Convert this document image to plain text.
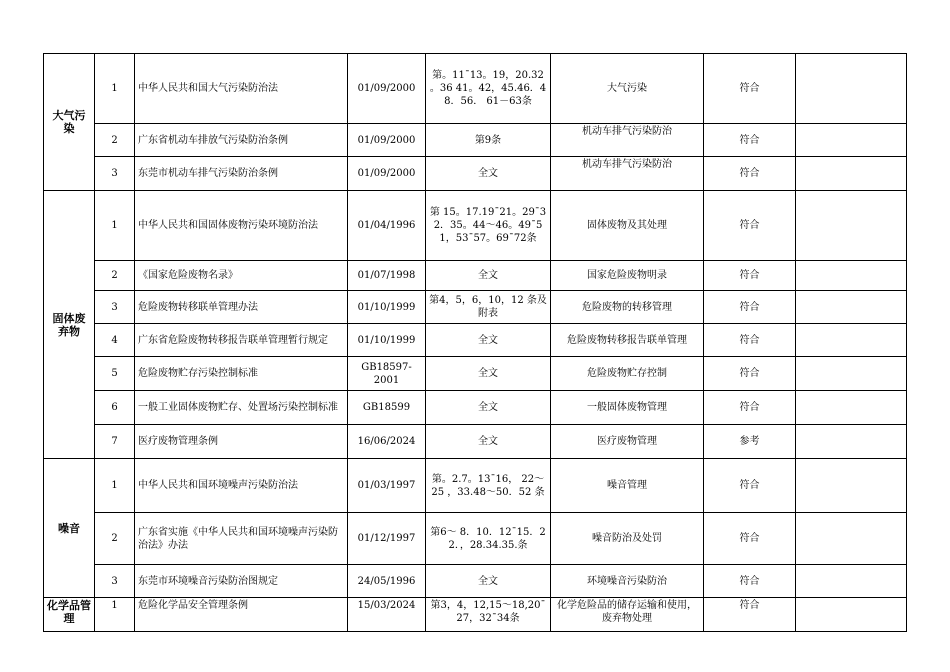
大气污染	1	中华人民共和国大气污染防治法	01/09/2000	第。11¯13。19，20.32 。36 41。42，45.46．48．56． 61－63条	大气污染	符合	
	2	广东省机动车排放气污染防治条例	01/09/2000	第9条	机动车排气污染防治	符合	
	3	东莞市机动车排气污染防治条例	01/09/2000	全文	机动车排气污染防治	符合	
固体废弃物	1	中华人民共和国固体废物污染环境防治法	01/04/1996	第 15。17.19¯21。29¯32．35。44～46。49¯51，53¯57。69¯72条	固体废物及其处理	符合	
	2	《国家危险废物名录》	01/07/1998	全文	国家危险废物明录	符合	
	3	危险废物转移联单管理办法	01/10/1999	第4，5，6，10，12 条及附表	危险废物的转移管理	符合	
	4	广东省危险废物转移报告联单管理暂行规定	01/10/1999	全文	危险废物转移报告联单管理	符合	
	5	危险废物贮存污染控制标准	GB18597-2001	全文	危险废物贮存控制	符合	
	6	一般工业固体废物贮存、处置场污染控制标准	GB18599	全文	一般固体废物管理	符合	
	7	医疗废物管理条例	16/06/2024	全文	医疗废物管理	参考	
噪音	1	中华人民共和国环境噪声污染防治法	01/03/1997	第。2.7。13¯16， 22～25 ，33.48～50．52 条	噪音管理	符合	
	2	广东省实施《中华人民共和国环境噪声污染防治法》办法	01/12/1997	第6～ 8．10．12¯15．22．，28.34.35.条	噪音防治及处罚	符合	
	3	东莞市环境噪音污染防治图规定	24/05/1996	全文	环境噪音污染防治	符合	
化学品管理	1	危险化学品安全管理条例	15/03/2024	第3，4，12,15～18,20¯27，32¯34条	化学危险品的储存运输和使用，废弃物处理	符合	
